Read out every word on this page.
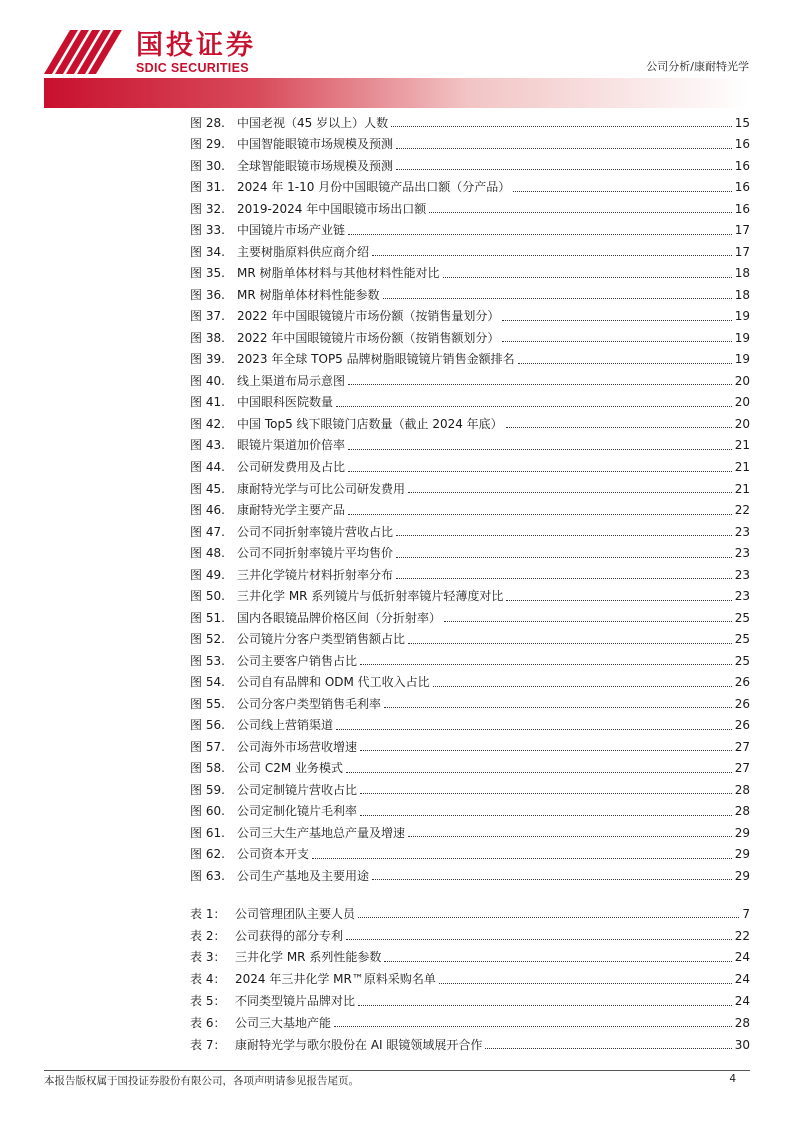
国投证券
SDIC SECURITIES	公司分析/康耐特光学
图 28.	中国老视（45 岁以上）人数	15
图 29.	中国智能眼镜市场规模及预测	16
图 30.	全球智能眼镜市场规模及预测	16
图 31.	2024 年 1-10 月份中国眼镜产品出口额（分产品）	16
图 32.	2019-2024 年中国眼镜市场出口额	16
图 33.	中国镜片市场产业链	17
图 34.	主要树脂原料供应商介绍	17
图 35.	MR 树脂单体材料与其他材料性能对比	18
图 36.	MR 树脂单体材料性能参数	18
图 37.	2022 年中国眼镜镜片市场份额（按销售量划分）	19
图 38.	2022 年中国眼镜镜片市场份额（按销售额划分）	19
图 39.	2023 年全球 TOP5 品牌树脂眼镜镜片销售金额排名	19
图 40.	线上渠道布局示意图	20
图 41.	中国眼科医院数量	20
图 42.	中国 Top5 线下眼镜门店数量（截止 2024 年底）	20
图 43.	眼镜片渠道加价倍率	21
图 44.	公司研发费用及占比	21
图 45.	康耐特光学与可比公司研发费用	21
图 46.	康耐特光学主要产品	22
图 47.	公司不同折射率镜片营收占比	23
图 48.	公司不同折射率镜片平均售价	23
图 49.	三井化学镜片材料折射率分布	23
图 50.	三井化学 MR 系列镜片与低折射率镜片轻薄度对比	23
图 51.	国内各眼镜品牌价格区间（分折射率）	25
图 52.	公司镜片分客户类型销售额占比	25
图 53.	公司主要客户销售占比	25
图 54.	公司自有品牌和 ODM 代工收入占比	26
图 55.	公司分客户类型销售毛利率	26
图 56.	公司线上营销渠道	26
图 57.	公司海外市场营收增速	27
图 58.	公司 C2M 业务模式	27
图 59.	公司定制镜片营收占比	28
图 60.	公司定制化镜片毛利率	28
图 61.	公司三大生产基地总产量及增速	29
图 62.	公司资本开支	29
图 63.	公司生产基地及主要用途	29
表 1： 公司管理团队主要人员	7
表 2： 公司获得的部分专利	22
表 3： 三井化学 MR 系列性能参数	24
表 4： 2024 年三井化学 MR™原料采购名单	24
表 5： 不同类型镜片品牌对比	24
表 6： 公司三大基地产能	28
表 7： 康耐特光学与歌尔股份在 AI 眼镜领域展开合作	30
本报告版权属于国投证券股份有限公司，各项声明请参见报告尾页。	4
